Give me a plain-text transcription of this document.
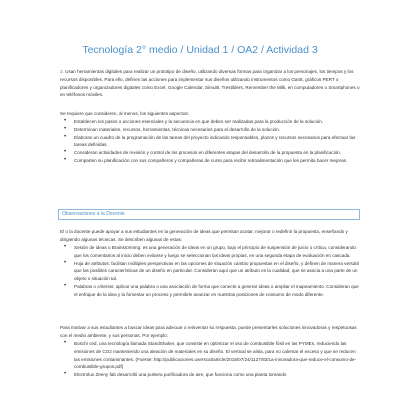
Tecnología 2° medio / Unidad 1 / OA2 / Actividad 3
3. Usan herramientas digitales para realizar un prototipo de diseño, utilizando diversas formas para organizar a los personajes, los tiempos y los recursos disponibles. Para ello, definen las acciones para implementar sus diseños utilizando instrumentos como Gantt, gráficos PERT o planificadores y organizadores digitales como Excel, Google Calendar, Simul8, Trestilders, Remember the Milk, en computadores o Smartphones o en teléfonos móviles.
Se requiere que consideren, al menos, los siguientes aspectos:
• Establecen los pasos o acciones esenciales y la secuencia en que deben ser realizadas para la producción de la solución.
• Determinan materiales, recursos, herramientas, técnicas necesarios para el desarrollo de la solución.
• Elaboran un cuadro de la programación de las tareas del proyecto indicando responsables, plazos y recursos necesarios para efectuar las tareas definidas.
• Consideran actividades de revisión y control de los procesos en diferentes etapas del desarrollo de la propuesta en la planificación.
• Comparten su planificación con sus compañeros y compañeras de curso para recibir retroalimentación que les permita hacer mejoras.
Observaciones a la Docente
El o la docente puede apoyar a sus estudiantes en la generación de ideas que permitan acotar, mejorar o redefinir la propuesta, enseñando y dirigiendo algunas técnicas. Se describen algunas de estas:
• Sesión de ideas o Brainstorming: es una generación de ideas en un grupo, bajo el principio de suspensión de juicio o crítica, considerando que los comentarios al inicio deben evitarse y luego se seleccionan las ideas propias, en una segunda etapa de evaluación en cascada.
• Hoja de atributos: facilitan múltiples perspectivas en las opciones de situación cambio propuestas en el diseño, y definen de manera versátil que las posibles características de un diseño en particular. Consideran aquí que un atributo es la cualidad, que se asocia a una parte de un objeto o situación tal.
• Palabras o criterios: aplicar una palabra o una asociación de forma que conecte a generar ideas o ampliar el mapeamiento. Consideran que el enfoque de la idea y la fomentar un proceso y permitirle avanzar en nuestras posiciones de consumo de modo diferente.
Para motivar a sus estudiantes a buscar ideas para adecuar o reinventar su respuesta, puede presentarles soluciones innovadoras y respetuosas con el medio ambiente, y sus personas. Por ejemplo:
• Boschi ced, una tecnología llamada StandShaker, que consiste en optimizar el uso de combustible fósil en las PYMEs, reduciendo las emisiones de CO2 manteniendo una aleación de materiales en su diseño. El vertical se aísla, para no calentar el exceso y que se reducen las emisiones contaminantes. (Fuente: http://publicaciones.userscat/article/2015/07/24/1127/83/1a-innovadora-que-reduce-el-consumo-de-combustible-grupos.pdf)
• Electrolux Zeeny fab desarrolló una pulsera purificadora de aire, que funciona como una planta tomando
